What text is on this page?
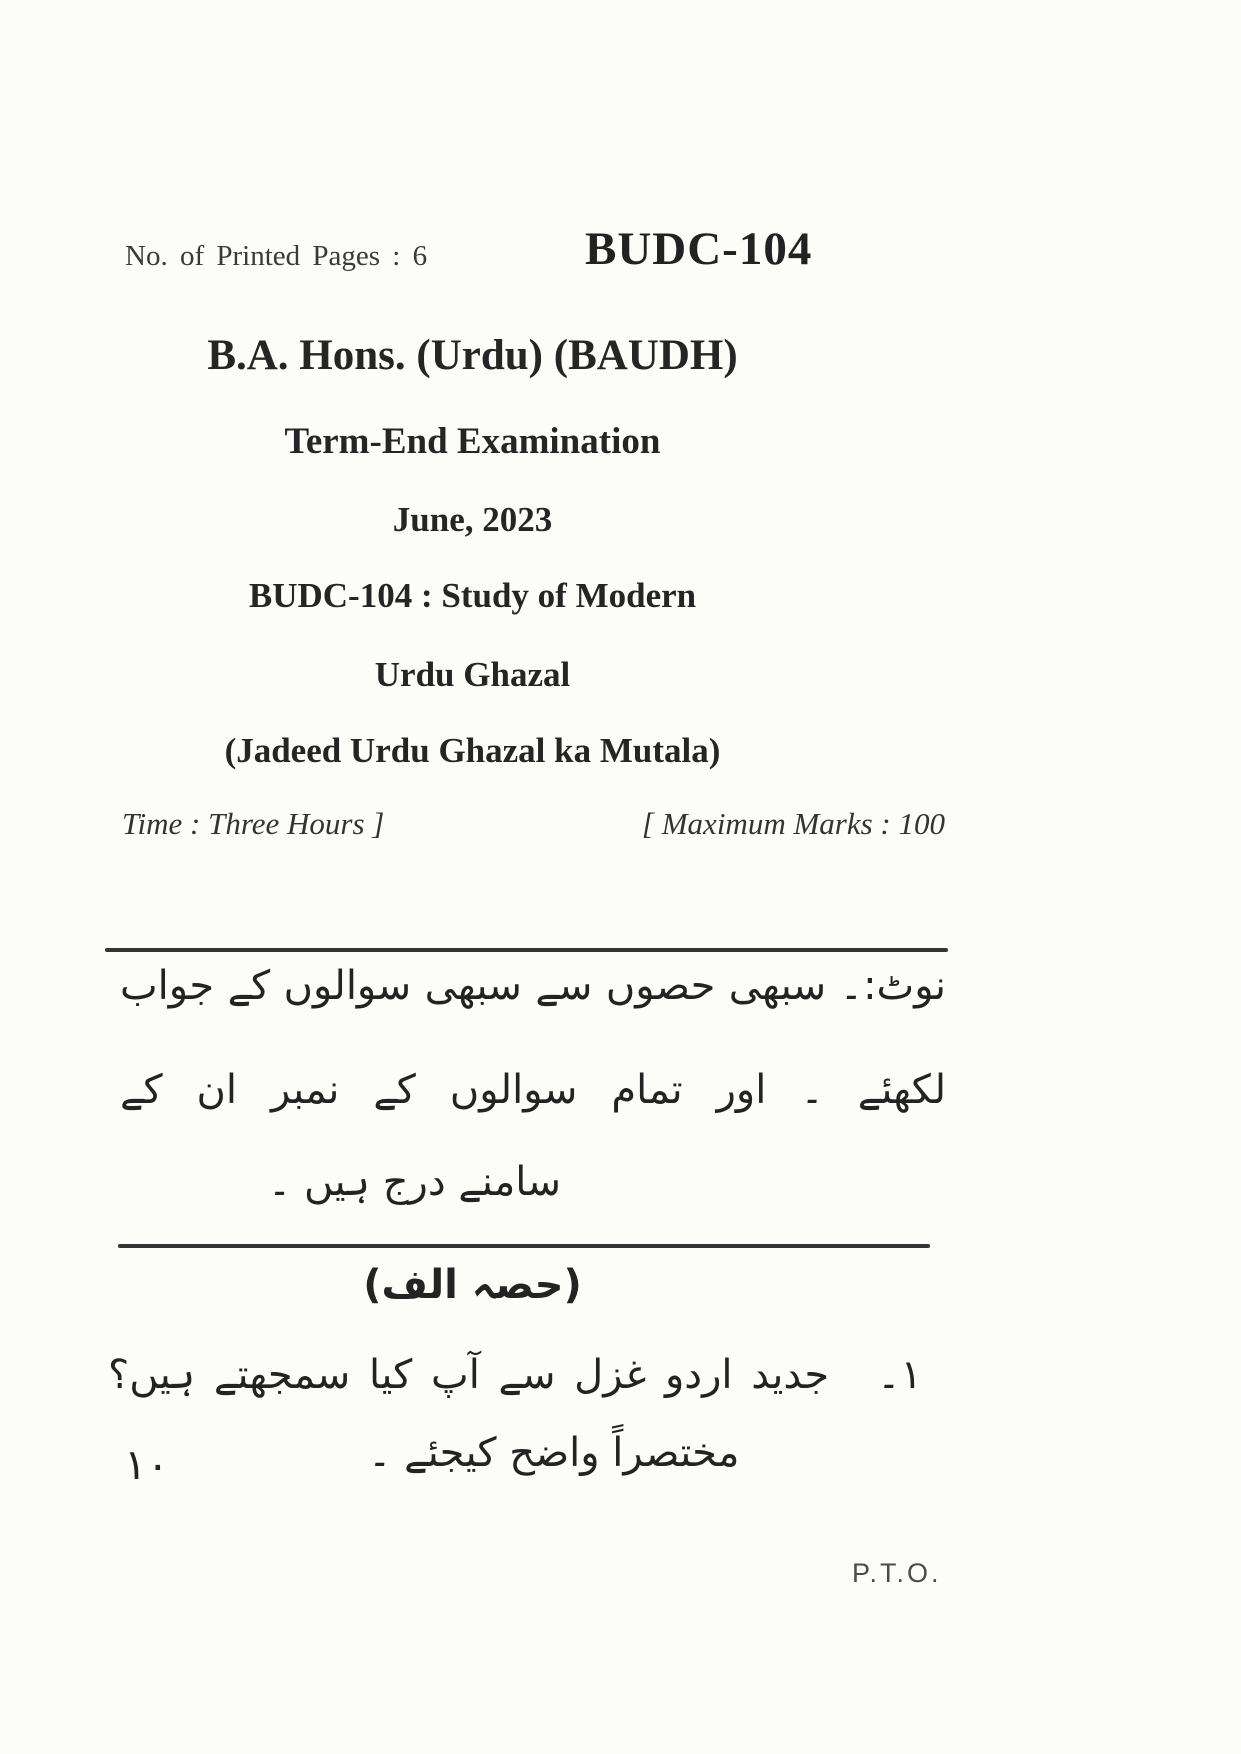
No. of Printed Pages : 6	BUDC-104
B.A. Hons. (Urdu) (BAUDH)
Term-End Examination
June, 2023
BUDC-104 : Study of Modern
Urdu Ghazal
(Jadeed Urdu Ghazal ka Mutala)
Time : Three Hours ]	[ Maximum Marks : 100
نوٹ:۔ سبھی حصوں سے سبھی سوالوں کے جواب
لکھئے ۔ اور تمام سوالوں کے نمبر ان کے
سامنے درج ہیں ۔
(حصہ الف)
۱۔
جدید اردو غزل سے آپ کیا سمجھتے ہیں؟
مختصراً واضح کیجئے ۔
۱۰
P.T.O.
